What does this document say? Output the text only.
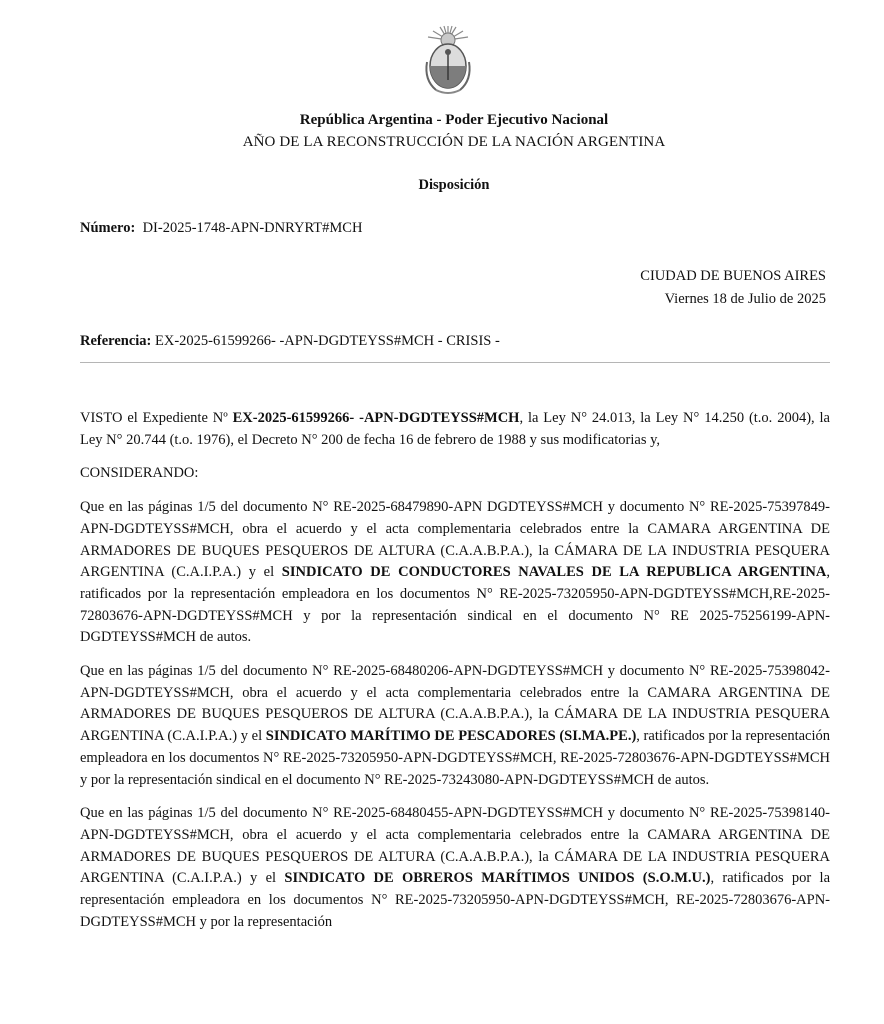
República Argentina - Poder Ejecutivo Nacional
AÑO DE LA RECONSTRUCCIÓN DE LA NACIÓN ARGENTINA
Disposición
Número: DI-2025-1748-APN-DNRYRT#MCH
CIUDAD DE BUENOS AIRES
Viernes 18 de Julio de 2025
Referencia: EX-2025-61599266- -APN-DGDTEYSS#MCH - CRISIS -

VISTO el Expediente Nº EX-2025-61599266- -APN-DGDTEYSS#MCH, la Ley N° 24.013, la Ley N° 14.250 (t.o. 2004), la Ley N° 20.744 (t.o. 1976), el Decreto N° 200 de fecha 16 de febrero de 1988 y sus modificatorias y,

CONSIDERANDO:

Que en las páginas 1/5 del documento N° RE-2025-68479890-APN DGDTEYSS#MCH y documento N° RE-2025-75397849-APN-DGDTEYSS#MCH, obra el acuerdo y el acta complementaria celebrados entre la CAMARA ARGENTINA DE ARMADORES DE BUQUES PESQUEROS DE ALTURA (C.A.A.B.P.A.), la CÁMARA DE LA INDUSTRIA PESQUERA ARGENTINA (C.A.I.P.A.) y el SINDICATO DE CONDUCTORES NAVALES DE LA REPUBLICA ARGENTINA, ratificados por la representación empleadora en los documentos N° RE-2025-73205950-APN-DGDTEYSS#MCH,RE-2025-72803676-APN-DGDTEYSS#MCH y por la representación sindical en el documento N° RE 2025-75256199-APN-DGDTEYSS#MCH de autos.

Que en las páginas 1/5 del documento N° RE-2025-68480206-APN-DGDTEYSS#MCH y documento N° RE-2025-75398042-APN-DGDTEYSS#MCH, obra el acuerdo y el acta complementaria celebrados entre la CAMARA ARGENTINA DE ARMADORES DE BUQUES PESQUEROS DE ALTURA (C.A.A.B.P.A.), la CÁMARA DE LA INDUSTRIA PESQUERA ARGENTINA (C.A.I.P.A.) y el SINDICATO MARÍTIMO DE PESCADORES (SI.MA.PE.), ratificados por la representación empleadora en los documentos N° RE-2025-73205950-APN-DGDTEYSS#MCH, RE-2025-72803676-APN-DGDTEYSS#MCH y por la representación sindical en el documento N° RE-2025-73243080-APN-DGDTEYSS#MCH de autos.

Que en las páginas 1/5 del documento N° RE-2025-68480455-APN-DGDTEYSS#MCH y documento N° RE-2025-75398140-APN-DGDTEYSS#MCH, obra el acuerdo y el acta complementaria celebrados entre la CAMARA ARGENTINA DE ARMADORES DE BUQUES PESQUEROS DE ALTURA (C.A.A.B.P.A.), la CÁMARA DE LA INDUSTRIA PESQUERA ARGENTINA (C.A.I.P.A.) y el SINDICATO DE OBREROS MARÍTIMOS UNIDOS (S.O.M.U.), ratificados por la representación empleadora en los documentos N° RE-2025-73205950-APN-DGDTEYSS#MCH, RE-2025-72803676-APN-DGDTEYSS#MCH y por la representación
